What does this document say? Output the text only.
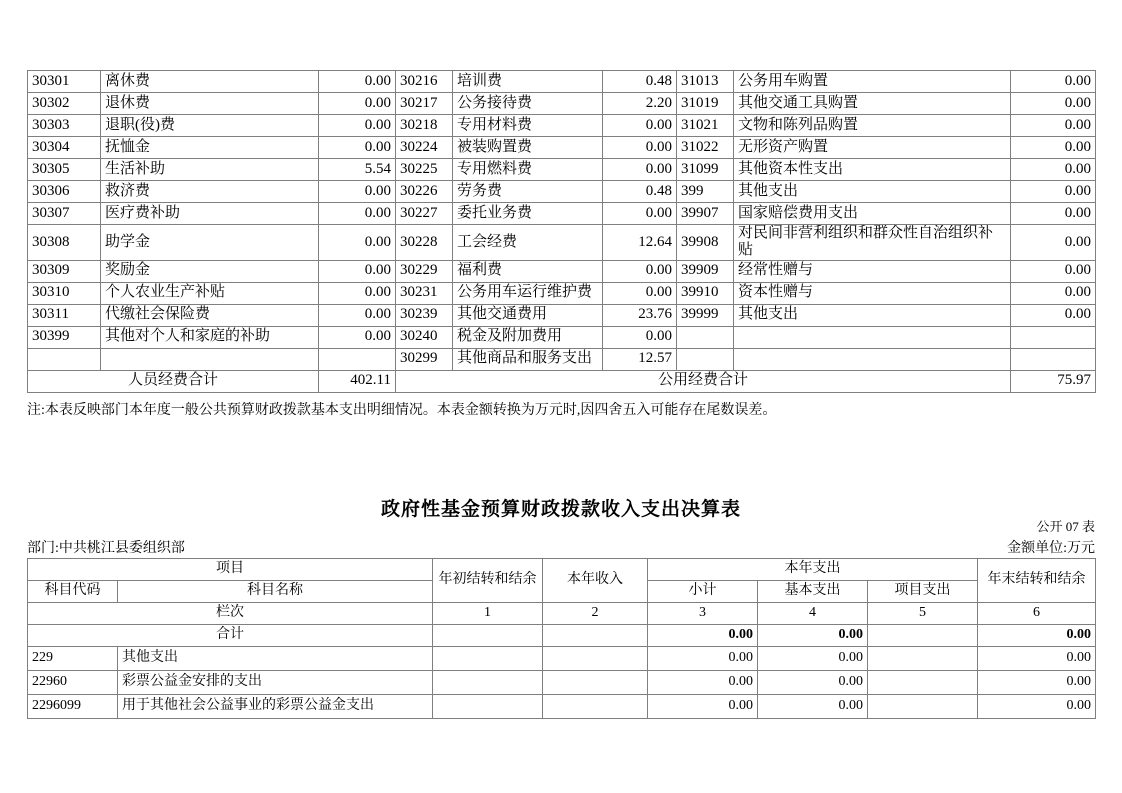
30301	离休费	0.00	30216	培训费	0.48	31013	公务用车购置	0.00
30302	退休费	0.00	30217	公务接待费	2.20	31019	其他交通工具购置	0.00
30303	退职(役)费	0.00	30218	专用材料费	0.00	31021	文物和陈列品购置	0.00
30304	抚恤金	0.00	30224	被装购置费	0.00	31022	无形资产购置	0.00
30305	生活补助	5.54	30225	专用燃料费	0.00	31099	其他资本性支出	0.00
30306	救济费	0.00	30226	劳务费	0.48	399	其他支出	0.00
30307	医疗费补助	0.00	30227	委托业务费	0.00	39907	国家赔偿费用支出	0.00
30308	助学金	0.00	30228	工会经费	12.64	39908	对民间非营利组织和群众性自治组织补贴	0.00
30309	奖励金	0.00	30229	福利费	0.00	39909	经常性赠与	0.00
30310	个人农业生产补贴	0.00	30231	公务用车运行维护费	0.00	39910	资本性赠与	0.00
30311	代缴社会保险费	0.00	30239	其他交通费用	23.76	39999	其他支出	0.00
30399	其他对个人和家庭的补助	0.00	30240	税金及附加费用	0.00			
			30299	其他商品和服务支出	12.57			
人员经费合计		402.11	公用经费合计					75.97
注:本表反映部门本年度一般公共预算财政拨款基本支出明细情况。本表金额转换为万元时,因四舍五入可能存在尾数误差。
政府性基金预算财政拨款收入支出决算表
公开 07 表
部门:中共桃江县委组织部	金额单位:万元
项目		年初结转和结余	本年收入	本年支出			年末结转和结余
科目代码	科目名称			小计	基本支出	项目支出	
栏次		1	2	3	4	5	6
合计				0.00	0.00		0.00
229	其他支出			0.00	0.00		0.00
22960	彩票公益金安排的支出			0.00	0.00		0.00
2296099	用于其他社会公益事业的彩票公益金支出			0.00	0.00		0.00
